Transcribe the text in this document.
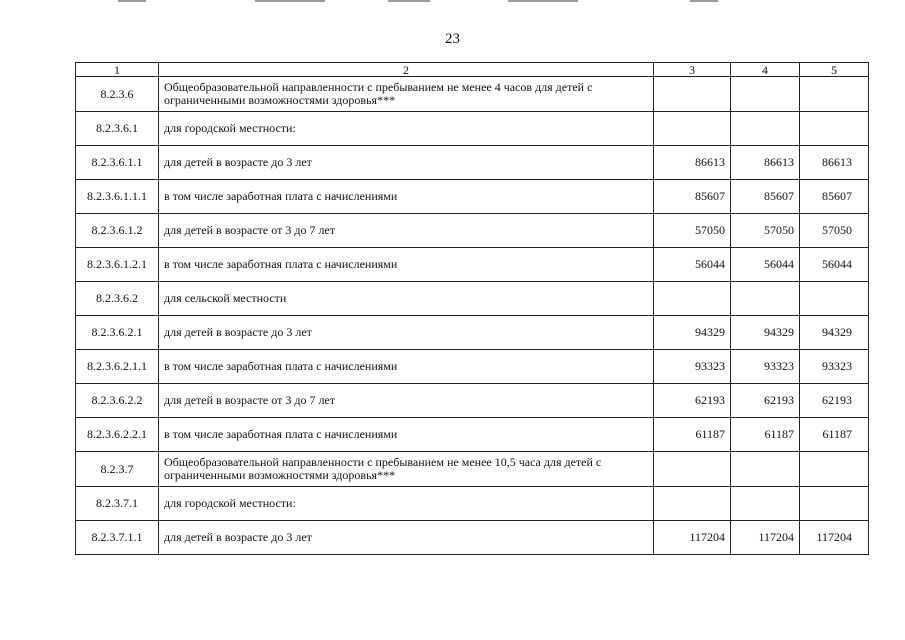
23
1	2	3	4	5
8.2.3.6	Общеобразовательной направленности с пребыванием не менее 4 часов для детей с ограниченными возможностями здоровья***			
8.2.3.6.1	для городской местности:			
8.2.3.6.1.1	для детей в возрасте до 3 лет	86613	86613	86613
8.2.3.6.1.1.1	в том числе заработная плата с начислениями	85607	85607	85607
8.2.3.6.1.2	для детей в возрасте от 3 до 7 лет	57050	57050	57050
8.2.3.6.1.2.1	в том числе заработная плата с начислениями	56044	56044	56044
8.2.3.6.2	для сельской местности			
8.2.3.6.2.1	для детей в возрасте до 3 лет	94329	94329	94329
8.2.3.6.2.1.1	в том числе заработная плата с начислениями	93323	93323	93323
8.2.3.6.2.2	для детей в возрасте от 3 до 7 лет	62193	62193	62193
8.2.3.6.2.2.1	в том числе заработная плата с начислениями	61187	61187	61187
8.2.3.7	Общеобразовательной направленности с пребыванием не менее 10,5 часа для детей с ограниченными возможностями здоровья***			
8.2.3.7.1	для городской местности:			
8.2.3.7.1.1	для детей в возрасте до 3 лет	117204	117204	117204
